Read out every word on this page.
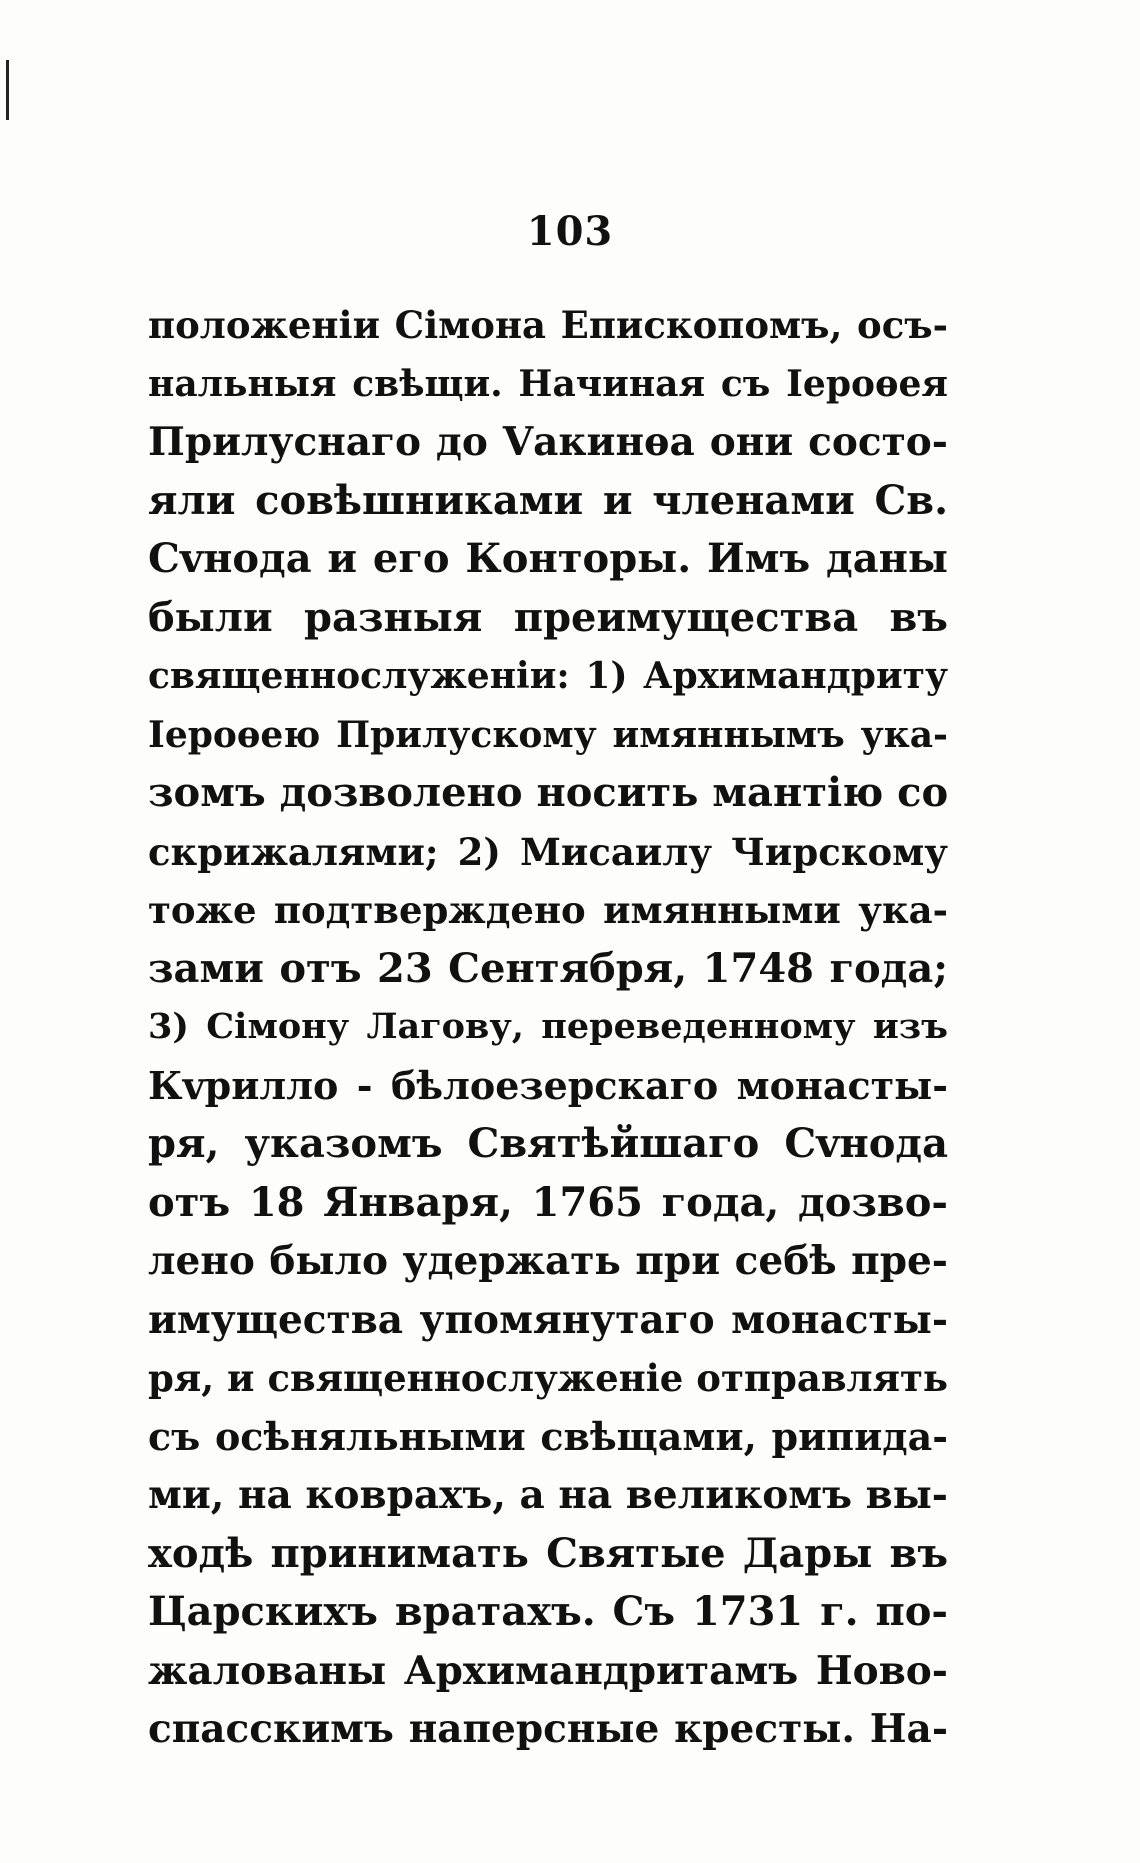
103
положенiи Сiмона Епископомъ, осъ-
нальныя свѣщи. Начиная съ Iероѳея
Прилуснаго до Vакинѳа они состо-
яли совѣшниками и членами Св.
Сvнода и его Конторы. Имъ даны
были разныя преимущества въ
священнослуженiи: 1) Архимандриту
Iероѳею Прилускому имяннымъ ука-
зомъ дозволено носить мантiю со
скрижалями; 2) Мисаилу Чирскому
тоже подтверждено имянными ука-
зами отъ 23 Сентября, 1748 года;
3) Сiмону Лагову, переведенному изъ
Кvрилло - бѣлоезерскаго монасты-
ря, указомъ Святѣйшаго Сvнода
отъ 18 Января, 1765 года, дозво-
лено было удержать при себѣ пре-
имущества упомянутаго монасты-
ря, и священнослуженiе отправлять
съ осѣняльными свѣщами, рипида-
ми, на коврахъ, а на великомъ вы-
ходѣ принимать Святые Дары въ
Царскихъ вратахъ. Съ 1731 г. по-
жалованы Архимандритамъ Ново-
спасскимъ наперсные кресты. На-
